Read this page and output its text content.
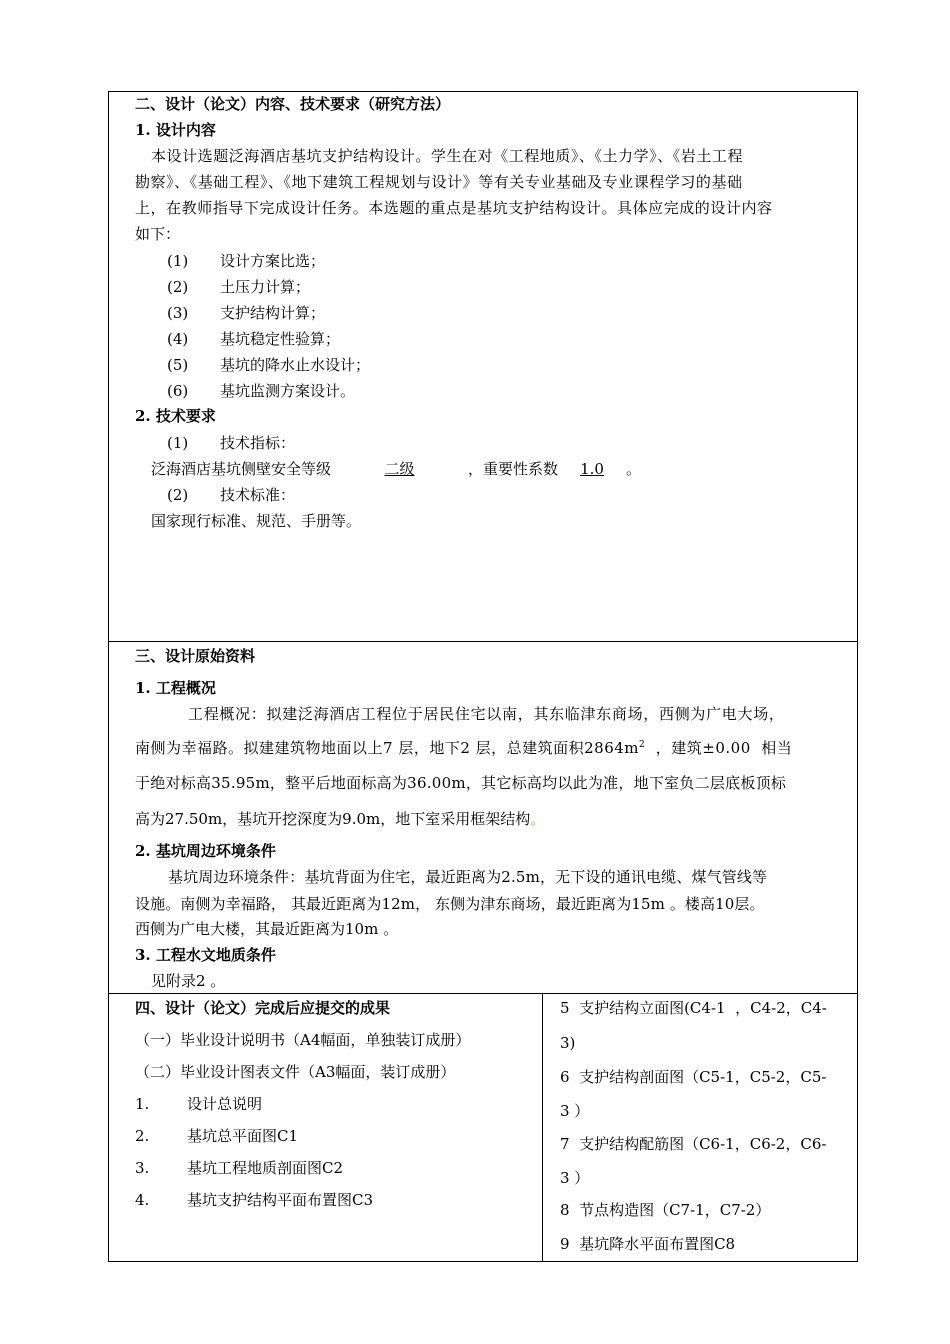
二、设计（论文）内容、技术要求（研究方法）
1. 设计内容
本设计选题泛海酒店基坑支护结构设计。学生在对《工程地质》、《土力学》、《岩土工程
勘察》、《基础工程》、《地下建筑工程规划与设计》等有关专业基础及专业课程学习的基础
上，在教师指导下完成设计任务。本选题的重点是基坑支护结构设计。具体应完成的设计内容
如下：
(1) 设计方案比选；
(2) 土压力计算；
(3) 支护结构计算；
(4) 基坑稳定性验算；
(5) 基坑的降水止水设计；
(6) 基坑监测方案设计。
2. 技术要求
(1) 技术指标：
泛海酒店基坑侧壁安全等级	二级	，重要性系数 1.0 。
(2) 技术标准：
国家现行标准、规范、手册等。
三、设计原始资料
1. 工程概况
工程概况：拟建泛海酒店工程位于居民住宅以南，其东临津东商场，西侧为广电大场，
南侧为幸福路。拟建建筑物地面以上7 层，地下2 层，总建筑面积$2864m^2$  ，建筑±0.00  相当
于绝对标高35.95m，整平后地面标高为36.00m，其它标高均以此为准，地下室负二层底板顶标
高为27.50m，基坑开挖深度为9.0m，地下室采用框架结构。
2. 基坑周边环境条件
基坑周边环境条件：基坑背面为住宅，最近距离为2.5m，无下设的通讯电缆、煤气管线等
设施。南侧为幸福路， 其最近距离为12m， 东侧为津东商场，最近距离为15m 。楼高10层。
西侧为广电大楼，其最近距离为10m 。
3. 工程水文地质条件
见附录2 。
四、设计（论文）完成后应提交的成果
（一）毕业设计说明书（A4幅面，单独装订成册）
（二）毕业设计图表文件（A3幅面，装订成册）
1.	设计总说明
2.	基坑总平面图C1
3.	基坑工程地质剖面图C2
4.	基坑支护结构平面布置图C3
5  支护结构立面图(C4-1  ，C4-2，C4-
3)
6  支护结构剖面图（C5-1，C5-2，C5-
3 ）
7  支护结构配筋图（C6-1，C6-2，C6-
3 ）
8  节点构造图（C7-1，C7-2）
9  基坑降水平面布置图C8
